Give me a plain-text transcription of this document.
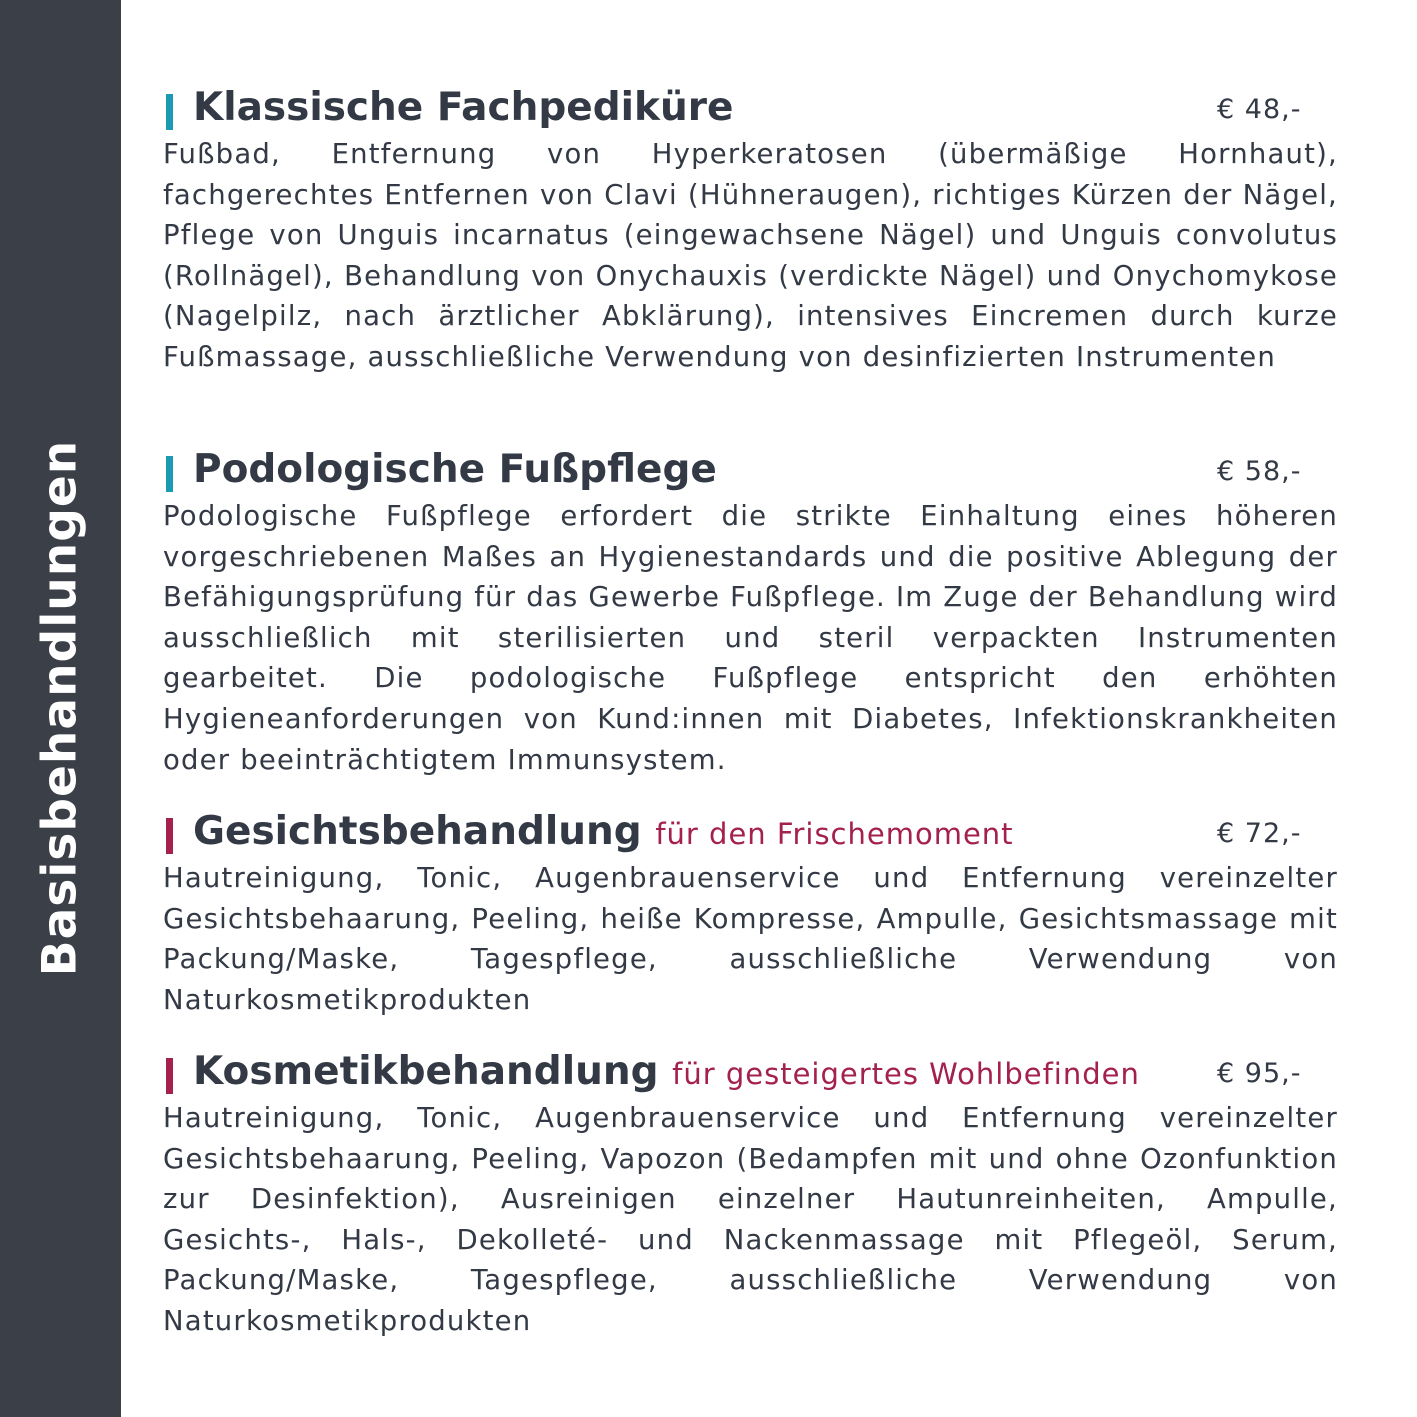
Basisbehandlungen
Klassische Fachpediküre	€ 48,-

Fußbad, Entfernung von Hyperkeratosen (übermäßige Hornhaut), fachgerechtes Entfernen von Clavi (Hühneraugen), richtiges Kürzen der Nägel, Pflege von Unguis incarnatus (eingewachsene Nägel) und Unguis convolutus (Rollnägel), Behandlung von Onychauxis (verdickte Nägel) und Onychomykose (Nagelpilz, nach ärztlicher Abklärung), intensives Eincremen durch kurze Fußmassage, ausschließliche Verwendung von desinfizierten Instrumenten

Podologische Fußpflege	€ 58,-

Podologische Fußpflege erfordert die strikte Einhaltung eines höheren vorgeschriebenen Maßes an Hygienestandards und die positive Ablegung der Befähigungsprüfung für das Gewerbe Fußpflege. Im Zuge der Behandlung wird ausschließlich mit sterilisierten und steril verpackten Instrumenten gearbeitet. Die podologische Fußpflege entspricht den erhöhten Hygieneanforderungen von Kund:innen mit Diabetes, Infektionskrankheiten oder beeinträchtigtem Immunsystem.

Gesichtsbehandlung für den Frischemoment	€ 72,-

Hautreinigung, Tonic, Augenbrauenservice und Entfernung vereinzelter Gesichtsbehaarung, Peeling, heiße Kompresse, Ampulle, Gesichtsmassage mit Packung/Maske, Tagespflege, ausschließliche Verwendung von Naturkosmetikprodukten

Kosmetikbehandlung für gesteigertes Wohlbefinden	€ 95,-

Hautreinigung, Tonic, Augenbrauenservice und Entfernung vereinzelter Gesichtsbehaarung, Peeling, Vapozon (Bedampfen mit und ohne Ozonfunktion zur Desinfektion), Ausreinigen einzelner Hautunreinheiten, Ampulle, Gesichts-, Hals-, Dekolleté- und Nackenmassage mit Pflegeöl, Serum, Packung/Maske, Tagespflege, ausschließliche Verwendung von Naturkosmetikprodukten
